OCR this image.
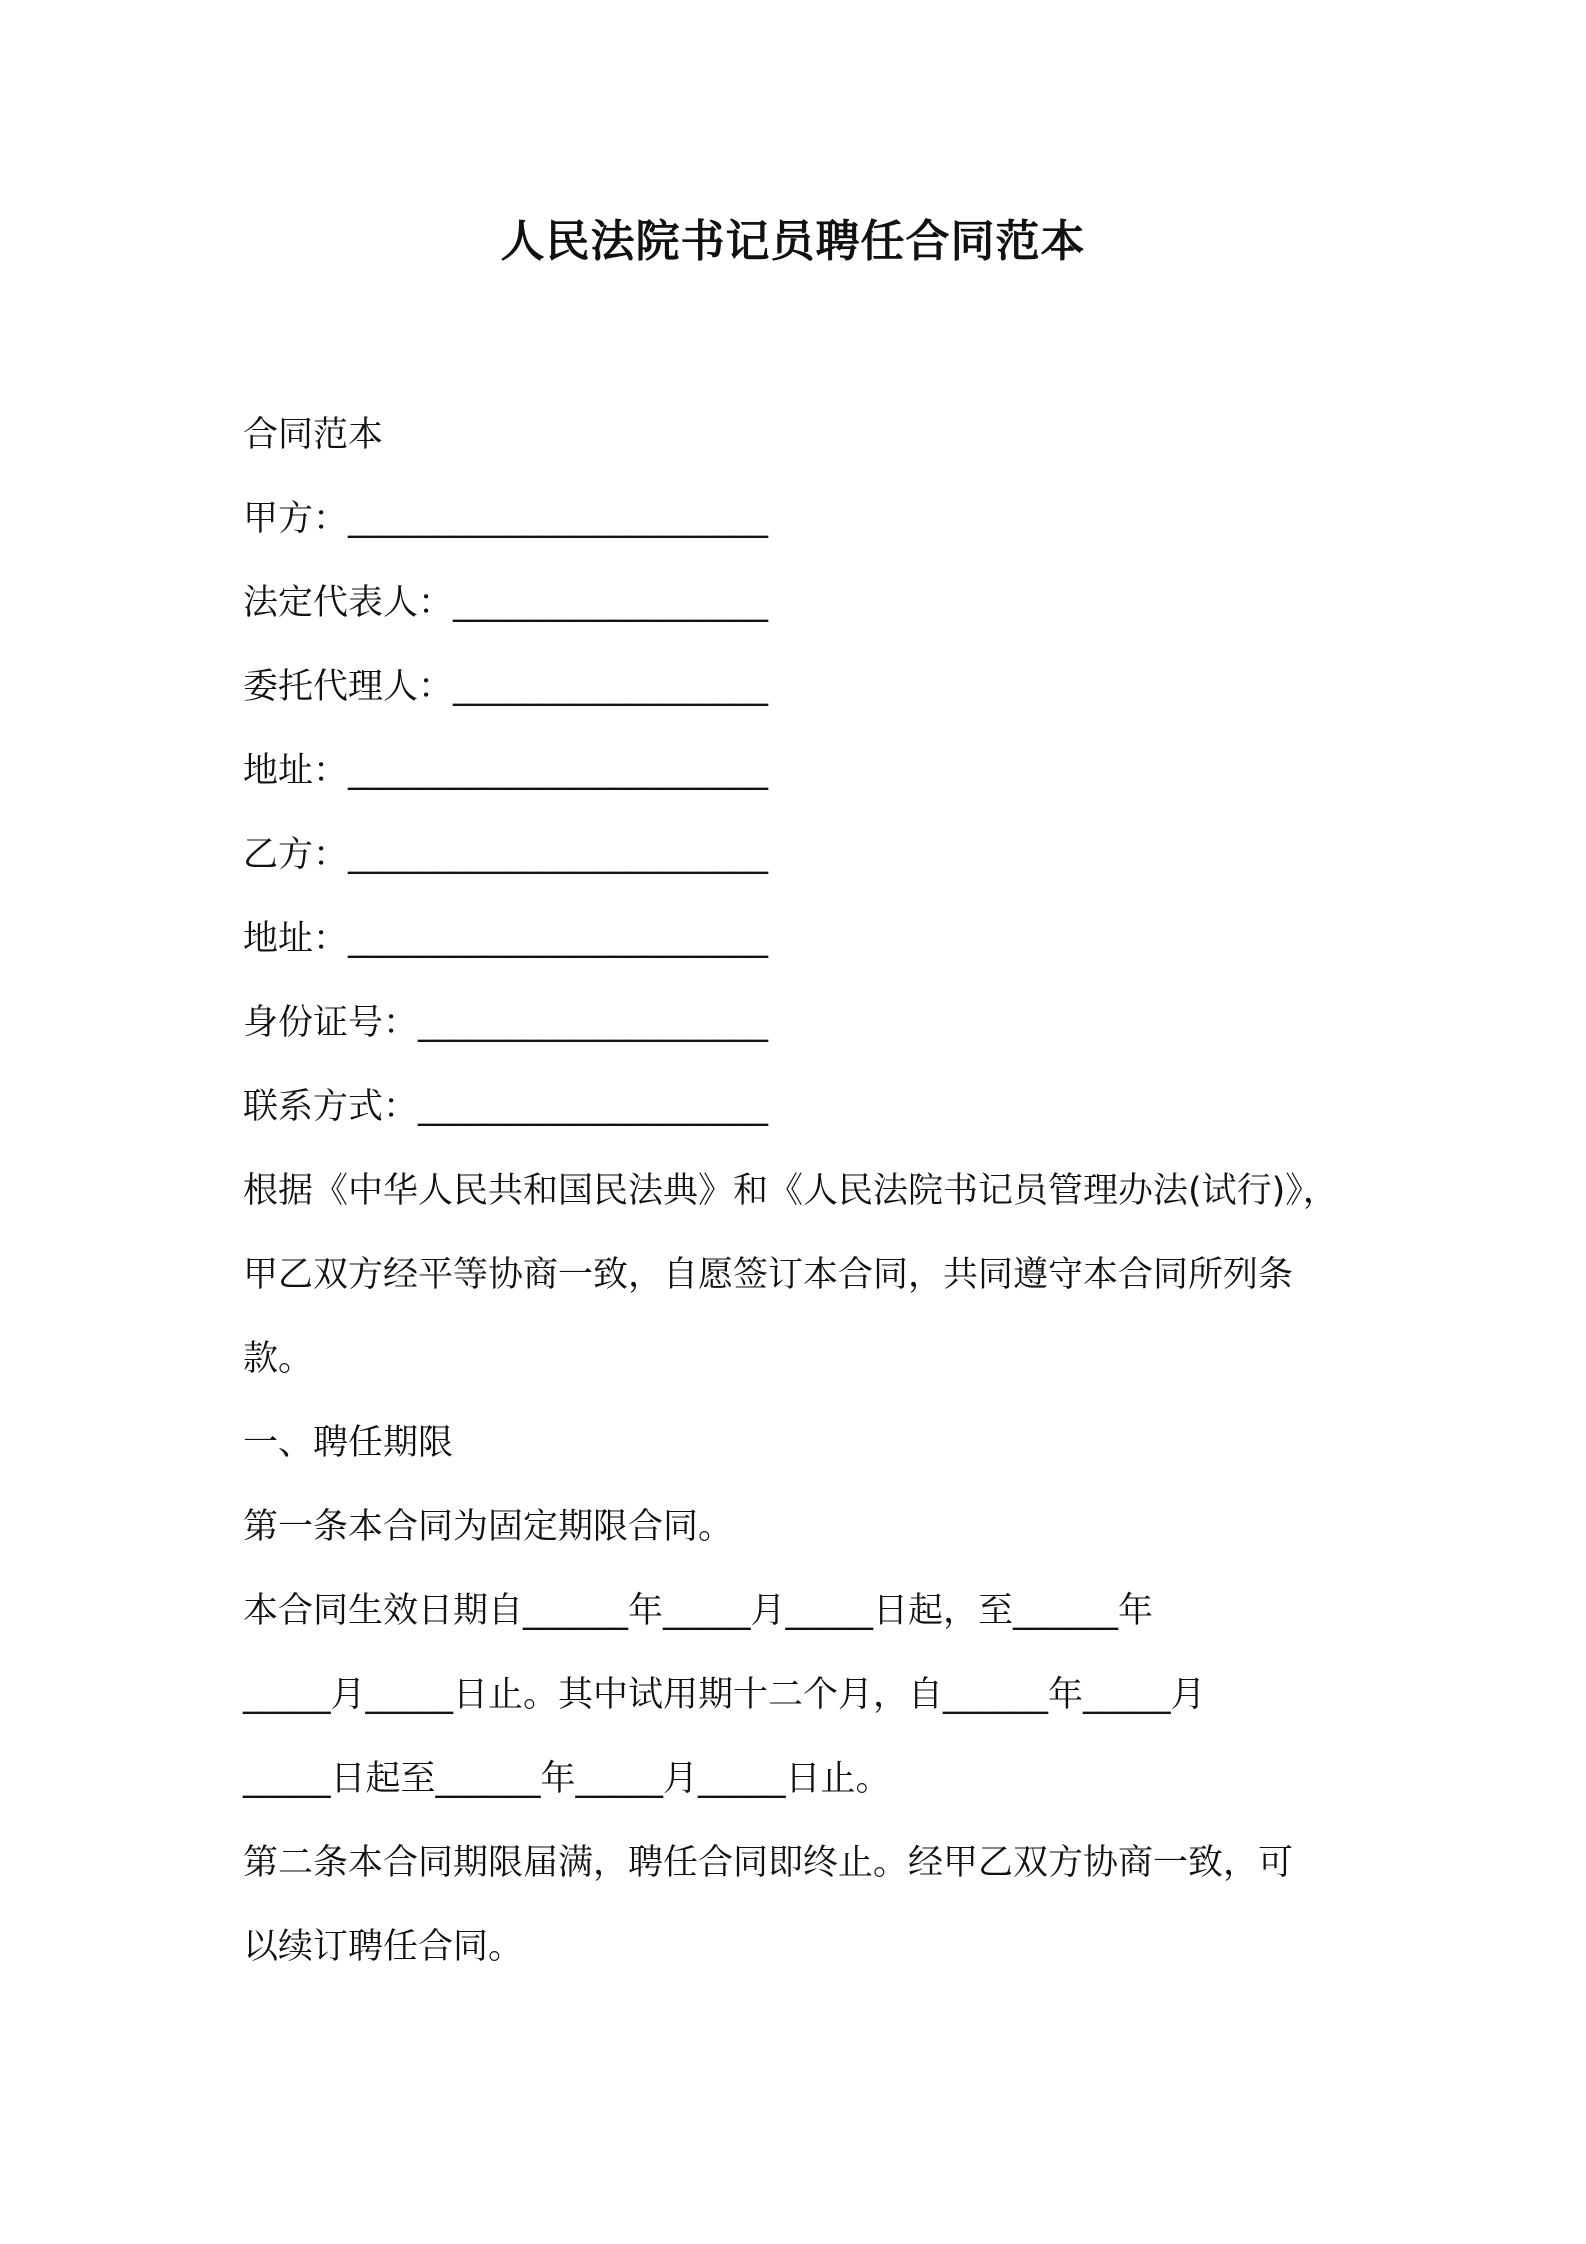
人民法院书记员聘任合同范本
合同范本
甲方：________________________
法定代表人：__________________
委托代理人：__________________
地址：________________________
乙方：________________________
地址：________________________
身份证号：____________________
联系方式：____________________
根据《中华人民共和国民法典》和《人民法院书记员管理办法(试行)》，
甲乙双方经平等协商一致，自愿签订本合同，共同遵守本合同所列条
款。
一、聘任期限
第一条本合同为固定期限合同。
本合同生效日期自______年_____月_____日起，至______年
_____月_____日止。其中试用期十二个月，自______年_____月
_____日起至______年_____月_____日止。
第二条本合同期限届满，聘任合同即终止。经甲乙双方协商一致，可
以续订聘任合同。
